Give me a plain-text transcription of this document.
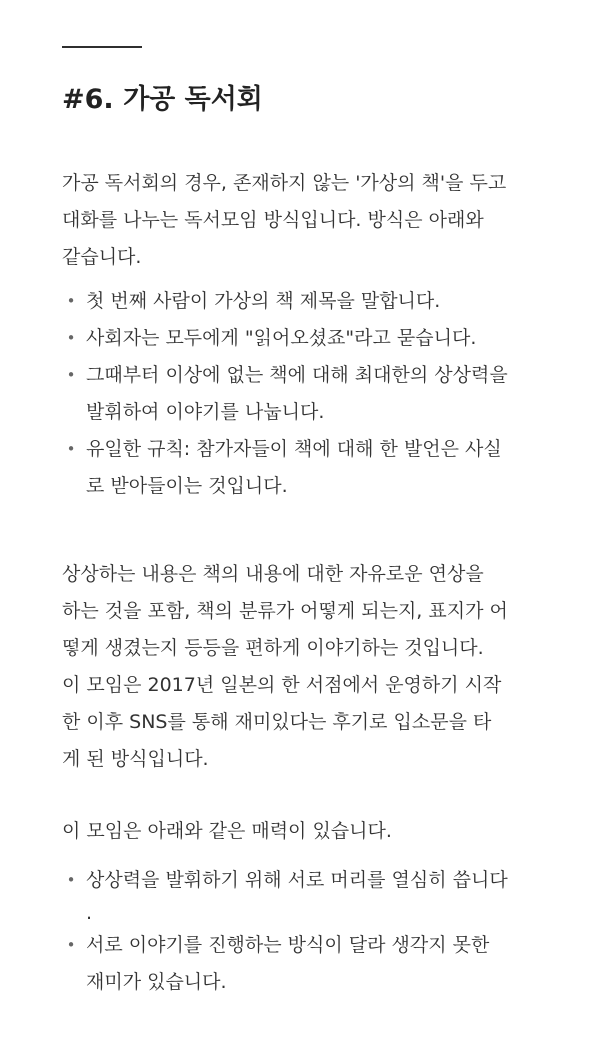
#6. 가공 독서회

가공 독서회의 경우, 존재하지 않는 '가상의 책'을 두고
대화를 나누는 독서모임 방식입니다. 방식은 아래와
같습니다.

• 첫 번째 사람이 가상의 책 제목을 말합니다.
• 사회자는 모두에게 "읽어오셨죠"라고 묻습니다.
• 그때부터 이상에 없는 책에 대해 최대한의 상상력을
발휘하여 이야기를 나눕니다.
• 유일한 규칙: 참가자들이 책에 대해 한 발언은 사실
로 받아들이는 것입니다.

상상하는 내용은 책의 내용에 대한 자유로운 연상을
하는 것을 포함, 책의 분류가 어떻게 되는지, 표지가 어
떻게 생겼는지 등등을 편하게 이야기하는 것입니다.
이 모임은 2017년 일본의 한 서점에서 운영하기 시작
한 이후 SNS를 통해 재미있다는 후기로 입소문을 타
게 된 방식입니다.

이 모임은 아래와 같은 매력이 있습니다.

• 상상력을 발휘하기 위해 서로 머리를 열심히 씁니다
.
• 서로 이야기를 진행하는 방식이 달라 생각지 못한
재미가 있습니다.
